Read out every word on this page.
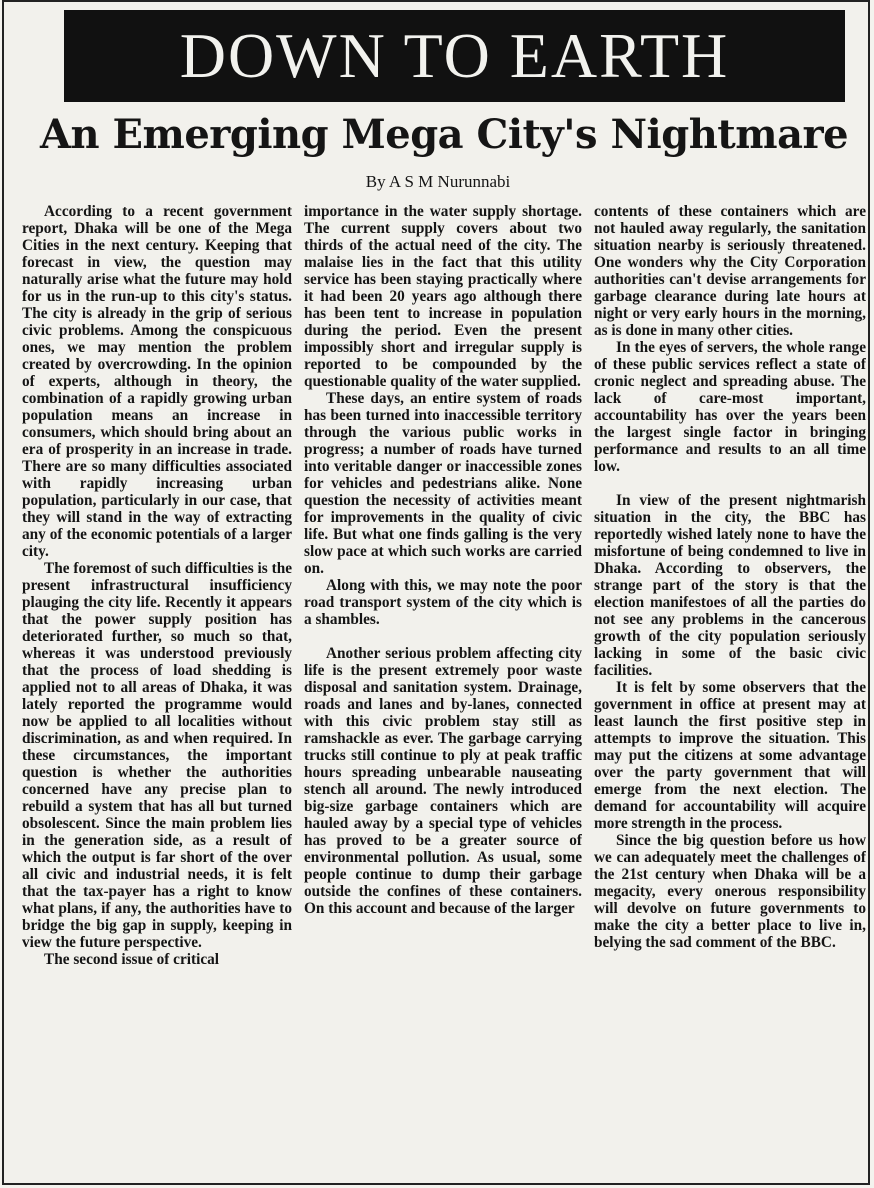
DOWN TO EARTH
An Emerging Mega City's Nightmare
By A S M Nurunnabi

According to a recent government report, Dhaka will be one of the Mega Cities in the next century. Keeping that forecast in view, the question may naturally arise what the future may hold for us in the run-up to this city's status. The city is already in the grip of serious civic problems. Among the conspicuous ones, we may mention the problem created by overcrowding. In the opinion of experts, although in theory, the combination of a rapidly growing urban population means an increase in consumers, which should bring about an era of prosperity in an increase in trade. There are so many difficulties associated with rapidly increasing urban population, particularly in our case, that they will stand in the way of extracting any of the economic potentials of a larger city.

The foremost of such difficulties is the present infrastructural insufficiency plauging the city life. Recently it appears that the power supply position has deteriorated further, so much so that, whereas it was understood previously that the process of load shedding is applied not to all areas of Dhaka, it was lately reported the programme would now be applied to all localities without discrimination, as and when required. In these circumstances, the important question is whether the authorities concerned have any precise plan to rebuild a system that has all but turned obsolescent. Since the main problem lies in the generation side, as a result of which the output is far short of the over all civic and industrial needs, it is felt that the tax-payer has a right to know what plans, if any, the authorities have to bridge the big gap in supply, keeping in view the future perspective.

The second issue of critical

importance in the water supply shortage. The current supply covers about two thirds of the actual need of the city. The malaise lies in the fact that this utility service has been staying practically where it had been 20 years ago although there has been tent to increase in population during the period. Even the present impossibly short and irregular supply is reported to be compounded by the questionable quality of the water supplied.

These days, an entire system of roads has been turned into inaccessible territory through the various public works in progress; a number of roads have turned into veritable danger or inaccessible zones for vehicles and pedestrians alike. None question the necessity of activities meant for improvements in the quality of civic life. But what one finds galling is the very slow pace at which such works are carried on.

Along with this, we may note the poor road transport system of the city which is a shambles.

Another serious problem affecting city life is the present extremely poor waste disposal and sanitation system. Drainage, roads and lanes and by-lanes, connected with this civic problem stay still as ramshackle as ever. The garbage carrying trucks still continue to ply at peak traffic hours spreading unbearable nauseating stench all around. The newly introduced big-size garbage containers which are hauled away by a special type of vehicles has proved to be a greater source of environmental pollution. As usual, some people continue to dump their garbage outside the confines of these containers. On this account and because of the larger

contents of these containers which are not hauled away regularly, the sanitation situation nearby is seriously threatened. One wonders why the City Corporation authorities can't devise arrangements for garbage clearance during late hours at night or very early hours in the morning, as is done in many other cities.

In the eyes of servers, the whole range of these public services reflect a state of cronic neglect and spreading abuse. The lack of care-most important, accountability has over the years been the largest single factor in bringing performance and results to an all time low.

In view of the present nightmarish situation in the city, the BBC has reportedly wished lately none to have the misfortune of being condemned to live in Dhaka. According to observers, the strange part of the story is that the election manifestoes of all the parties do not see any problems in the cancerous growth of the city population seriously lacking in some of the basic civic facilities.

It is felt by some observers that the government in office at present may at least launch the first positive step in attempts to improve the situation. This may put the citizens at some advantage over the party government that will emerge from the next election. The demand for accountability will acquire more strength in the process.

Since the big question before us how we can adequately meet the challenges of the 21st century when Dhaka will be a megacity, every onerous responsibility will devolve on future governments to make the city a better place to live in, belying the sad comment of the BBC.
